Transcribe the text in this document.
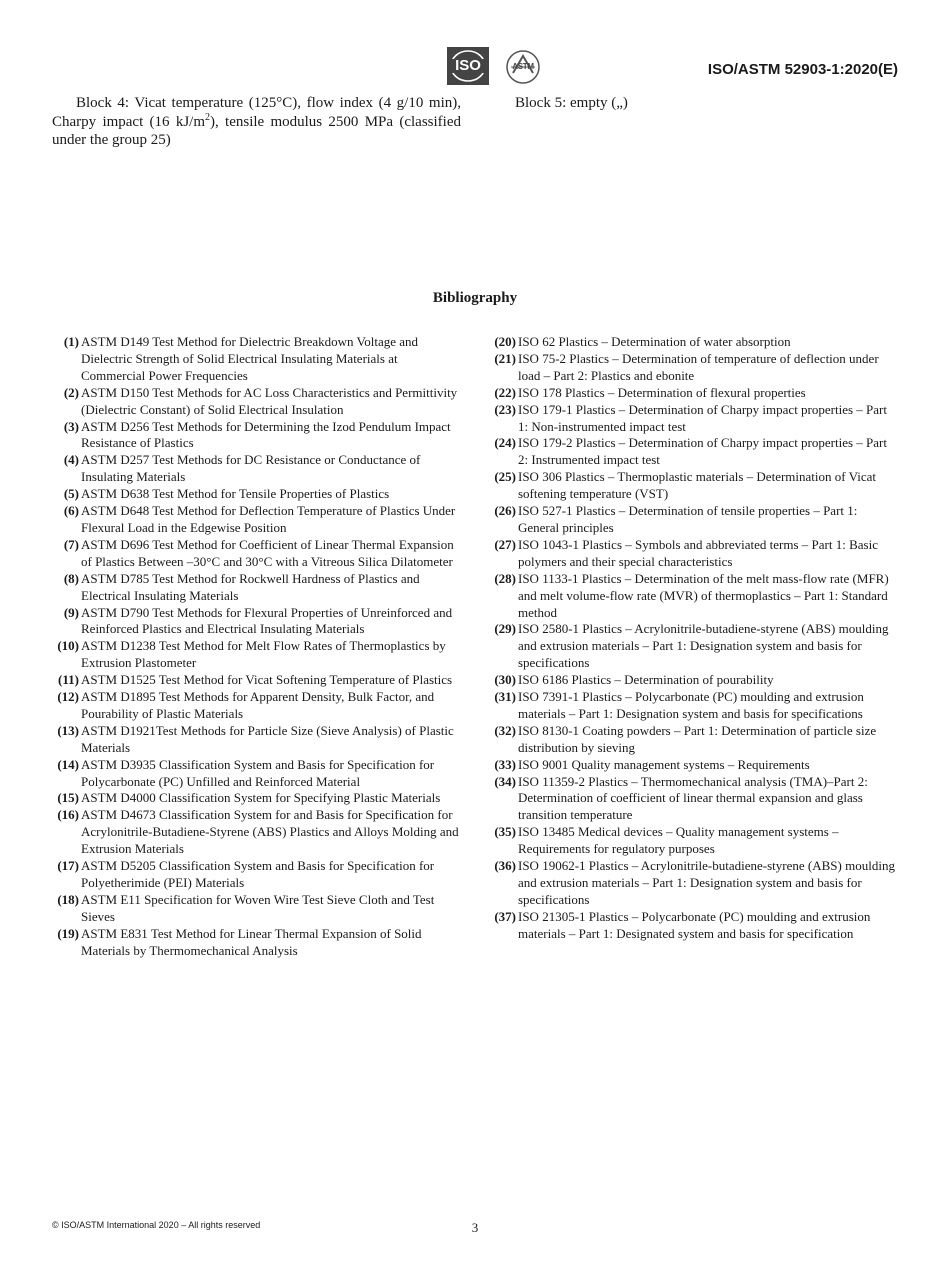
ISO	ASTM	ISO/ASTM 52903-1:2020(E)

Block 4: Vicat temperature (125°C), flow index (4 g/10 min), Charpy impact (16 $kJ/m^2$), tensile modulus 2500 MPa (classified under the group 25)

Block 5: empty („)
Bibliography
(1) ASTM D149 Test Method for Dielectric Breakdown Voltage and Dielectric Strength of Solid Electrical Insulating Materials at Commercial Power Frequencies
(2) ASTM D150 Test Methods for AC Loss Characteristics and Permittivity (Dielectric Constant) of Solid Electrical Insulation
(3) ASTM D256 Test Methods for Determining the Izod Pendulum Impact Resistance of Plastics
(4) ASTM D257 Test Methods for DC Resistance or Conductance of Insulating Materials
(5) ASTM D638 Test Method for Tensile Properties of Plastics
(6) ASTM D648 Test Method for Deflection Temperature of Plastics Under Flexural Load in the Edgewise Position
(7) ASTM D696 Test Method for Coefficient of Linear Thermal Expansion of Plastics Between –30°C and 30°C with a Vitreous Silica Dilatometer
(8) ASTM D785 Test Method for Rockwell Hardness of Plastics and Electrical Insulating Materials
(9) ASTM D790 Test Methods for Flexural Properties of Unreinforced and Reinforced Plastics and Electrical Insulating Materials
(10) ASTM D1238 Test Method for Melt Flow Rates of Thermoplastics by Extrusion Plastometer
(11) ASTM D1525 Test Method for Vicat Softening Temperature of Plastics
(12) ASTM D1895 Test Methods for Apparent Density, Bulk Factor, and Pourability of Plastic Materials
(13) ASTM D1921Test Methods for Particle Size (Sieve Analysis) of Plastic Materials
(14) ASTM D3935 Classification System and Basis for Specification for Polycarbonate (PC) Unfilled and Reinforced Material
(15) ASTM D4000 Classification System for Specifying Plastic Materials
(16) ASTM D4673 Classification System for and Basis for Specification for Acrylonitrile-Butadiene-Styrene (ABS) Plastics and Alloys Molding and Extrusion Materials
(17) ASTM D5205 Classification System and Basis for Specification for Polyetherimide (PEI) Materials
(18) ASTM E11 Specification for Woven Wire Test Sieve Cloth and Test Sieves
(19) ASTM E831 Test Method for Linear Thermal Expansion of Solid Materials by Thermomechanical Analysis
(20) ISO 62 Plastics – Determination of water absorption
(21) ISO 75-2 Plastics – Determination of temperature of deflection under load – Part 2: Plastics and ebonite
(22) ISO 178 Plastics – Determination of flexural properties
(23) ISO 179-1 Plastics – Determination of Charpy impact properties – Part 1: Non-instrumented impact test
(24) ISO 179-2 Plastics – Determination of Charpy impact properties – Part 2: Instrumented impact test
(25) ISO 306 Plastics – Thermoplastic materials – Determination of Vicat softening temperature (VST)
(26) ISO 527-1 Plastics – Determination of tensile properties – Part 1: General principles
(27) ISO 1043-1 Plastics – Symbols and abbreviated terms – Part 1: Basic polymers and their special characteristics
(28) ISO 1133-1 Plastics – Determination of the melt mass-flow rate (MFR) and melt volume-flow rate (MVR) of thermoplastics – Part 1: Standard method
(29) ISO 2580-1 Plastics – Acrylonitrile-butadiene-styrene (ABS) moulding and extrusion materials – Part 1: Designation system and basis for specifications
(30) ISO 6186 Plastics – Determination of pourability
(31) ISO 7391-1 Plastics – Polycarbonate (PC) moulding and extrusion materials – Part 1: Designation system and basis for specifications
(32) ISO 8130-1 Coating powders – Part 1: Determination of particle size distribution by sieving
(33) ISO 9001 Quality management systems – Requirements
(34) ISO 11359-2 Plastics – Thermomechanical analysis (TMA)–Part 2: Determination of coefficient of linear thermal expansion and glass transition temperature
(35) ISO 13485 Medical devices – Quality management systems – Requirements for regulatory purposes
(36) ISO 19062-1 Plastics – Acrylonitrile-butadiene-styrene (ABS) moulding and extrusion materials – Part 1: Designation system and basis for specifications
(37) ISO 21305-1 Plastics – Polycarbonate (PC) moulding and extrusion materials – Part 1: Designated system and basis for specification
© ISO/ASTM International 2020 – All rights reserved	3
